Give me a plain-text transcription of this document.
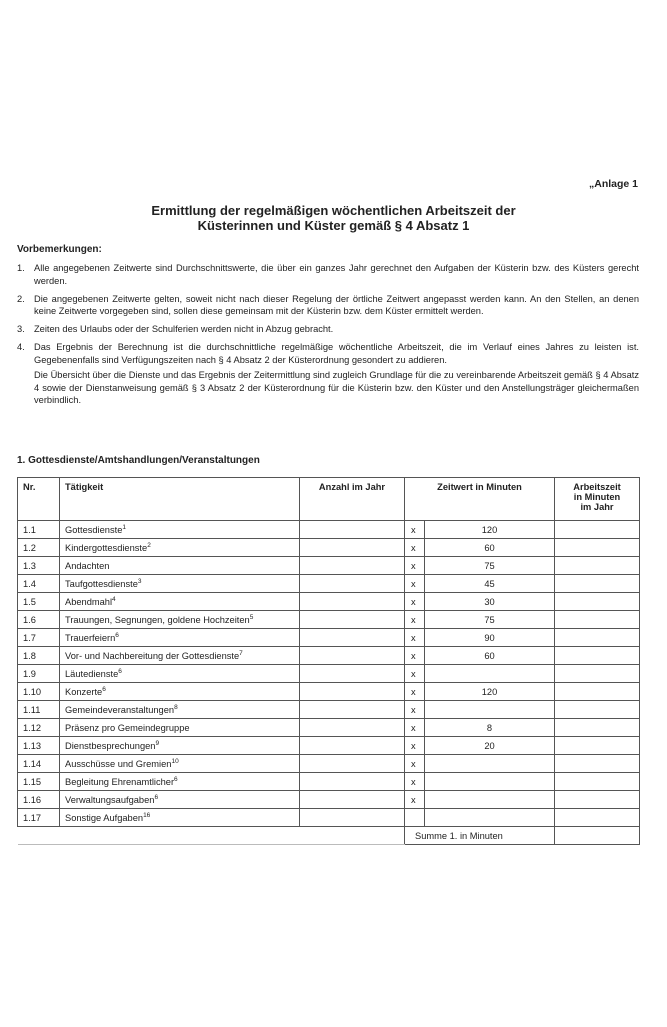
„Anlage 1
Ermittlung der regelmäßigen wöchentlichen Arbeitszeit der
Küsterinnen und Küster gemäß § 4 Absatz 1
Vorbemerkungen:
1. Alle angegebenen Zeitwerte sind Durchschnittswerte, die über ein ganzes Jahr gerechnet den Aufgaben der Küsterin bzw. des Küsters gerecht werden.
2. Die angegebenen Zeitwerte gelten, soweit nicht nach dieser Regelung der örtliche Zeitwert angepasst werden kann. An den Stellen, an denen keine Zeitwerte vorgegeben sind, sollen diese gemeinsam mit der Küsterin bzw. dem Küster ermittelt werden.
3. Zeiten des Urlaubs oder der Schulferien werden nicht in Abzug gebracht.
4. Das Ergebnis der Berechnung ist die durchschnittliche regelmäßige wöchentliche Arbeitszeit, die im Verlauf eines Jahres zu leisten ist. Gegebenenfalls sind Verfügungszeiten nach § 4 Absatz 2 der Küsterordnung gesondert zu addieren.
Die Übersicht über die Dienste und das Ergebnis der Zeitermittlung sind zugleich Grundlage für die zu vereinbarende Arbeitszeit gemäß § 4 Absatz 4 sowie der Dienstanweisung gemäß § 3 Absatz 2 der Küsterordnung für die Küsterin bzw. den Küster und den Anstellungsträger gleichermaßen verbindlich.
1. Gottesdienste/Amtshandlungen/Veranstaltungen
Nr.	Tätigkeit	Anzahl im Jahr	Zeitwert in Minuten		Arbeitszeit
in Minuten
im Jahr

1.1	Gottesdienste$^1$		x	120	
1.2	Kindergottesdienste$^2$		x	60	
1.3	Andachten		x	75	
1.4	Taufgottesdienste$^3$		x	45	
1.5	Abendmahl$^4$		x	30	
1.6	Trauungen, Segnungen, goldene Hochzeiten$^5$		x	75	
1.7	Trauerfeiern$^6$		x	90	
1.8	Vor- und Nachbereitung der Gottesdienste$^7$		x	60	
1.9	Läutedienste$^6$		x		
1.10	Konzerte$^6$		x	120	
1.11	Gemeindeveranstaltungen$^8$		x		
1.12	Präsenz pro Gemeindegruppe		x	8	
1.13	Dienstbesprechungen$^9$		x	20	
1.14	Ausschüsse und Gremien$^{10}$		x		
1.15	Begleitung Ehrenamtlicher$^6$		x		
1.16	Verwaltungsaufgaben$^6$		x		
1.17	Sonstige Aufgaben$^{16}$				
			Summe 1. in Minuten		
